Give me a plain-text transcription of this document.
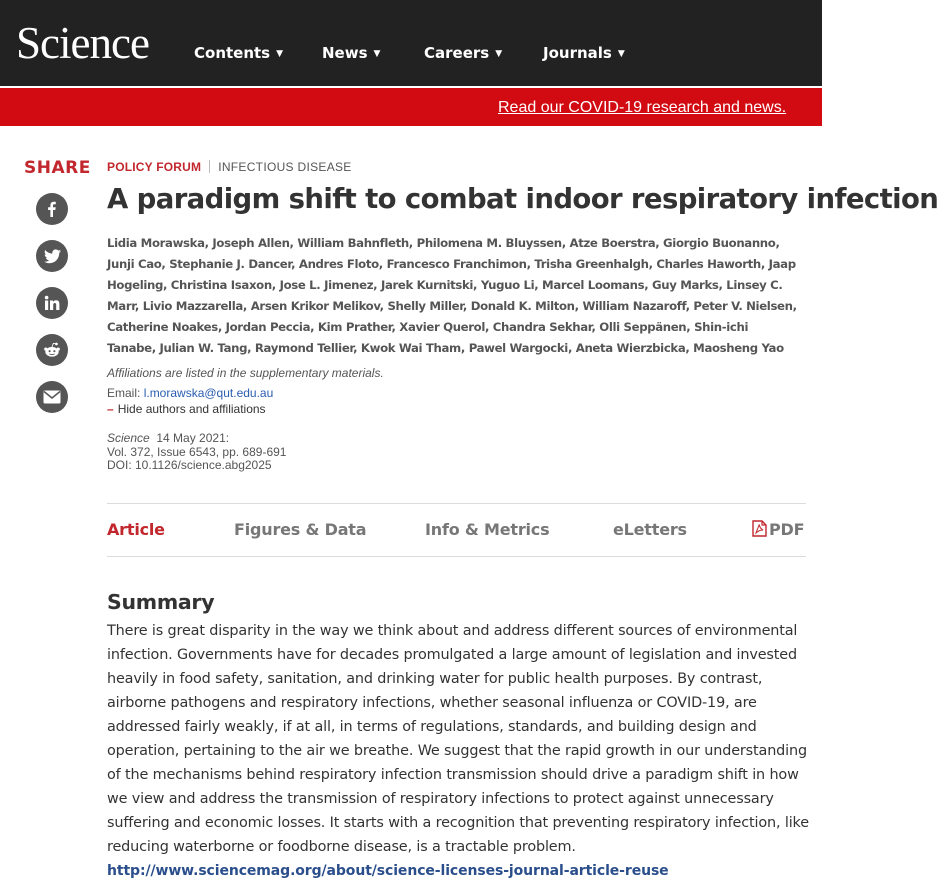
Science	Contents ▼	News ▼	Careers ▼	Journals ▼
Read our COVID-19 research and news.
SHARE POLICY FORUM INFECTIOUS DISEASE
A paradigm shift to combat indoor respiratory infection
Lidia Morawska, Joseph Allen, William Bahnfleth, Philomena M. Bluyssen, Atze Boerstra, Giorgio Buonanno, Junji Cao, Stephanie J. Dancer, Andres Floto, Francesco Franchimon, Trisha Greenhalgh, Charles Haworth, Jaap Hogeling, Christina Isaxon, Jose L. Jimenez, Jarek Kurnitski, Yuguo Li, Marcel Loomans, Guy Marks, Linsey C. Marr, Livio Mazzarella, Arsen Krikor Melikov, Shelly Miller, Donald K. Milton, William Nazaroff, Peter V. Nielsen, Catherine Noakes, Jordan Peccia, Kim Prather, Xavier Querol, Chandra Sekhar, Olli Seppänen, Shin-ichi Tanabe, Julian W. Tang, Raymond Tellier, Kwok Wai Tham, Pawel Wargocki, Aneta Wierzbicka, Maosheng Yao
Affiliations are listed in the supplementary materials.
Email: l.morawska@qut.edu.au
– Hide authors and affiliations
Science 14 May 2021:
Vol. 372, Issue 6543, pp. 689-691
DOI: 10.1126/science.abg2025
Article	Figures & Data	Info & Metrics	eLetters	PDF
Summary

There is great disparity in the way we think about and address different sources of environmental infection. Governments have for decades promulgated a large amount of legislation and invested heavily in food safety, sanitation, and drinking water for public health purposes. By contrast, airborne pathogens and respiratory infections, whether seasonal influenza or COVID-19, are addressed fairly weakly, if at all, in terms of regulations, standards, and building design and operation, pertaining to the air we breathe. We suggest that the rapid growth in our understanding of the mechanisms behind respiratory infection transmission should drive a paradigm shift in how we view and address the transmission of respiratory infections to protect against unnecessary suffering and economic losses. It starts with a recognition that preventing respiratory infection, like reducing waterborne or foodborne disease, is a tractable problem.

http://www.sciencemag.org/about/science-licenses-journal-article-reuse
